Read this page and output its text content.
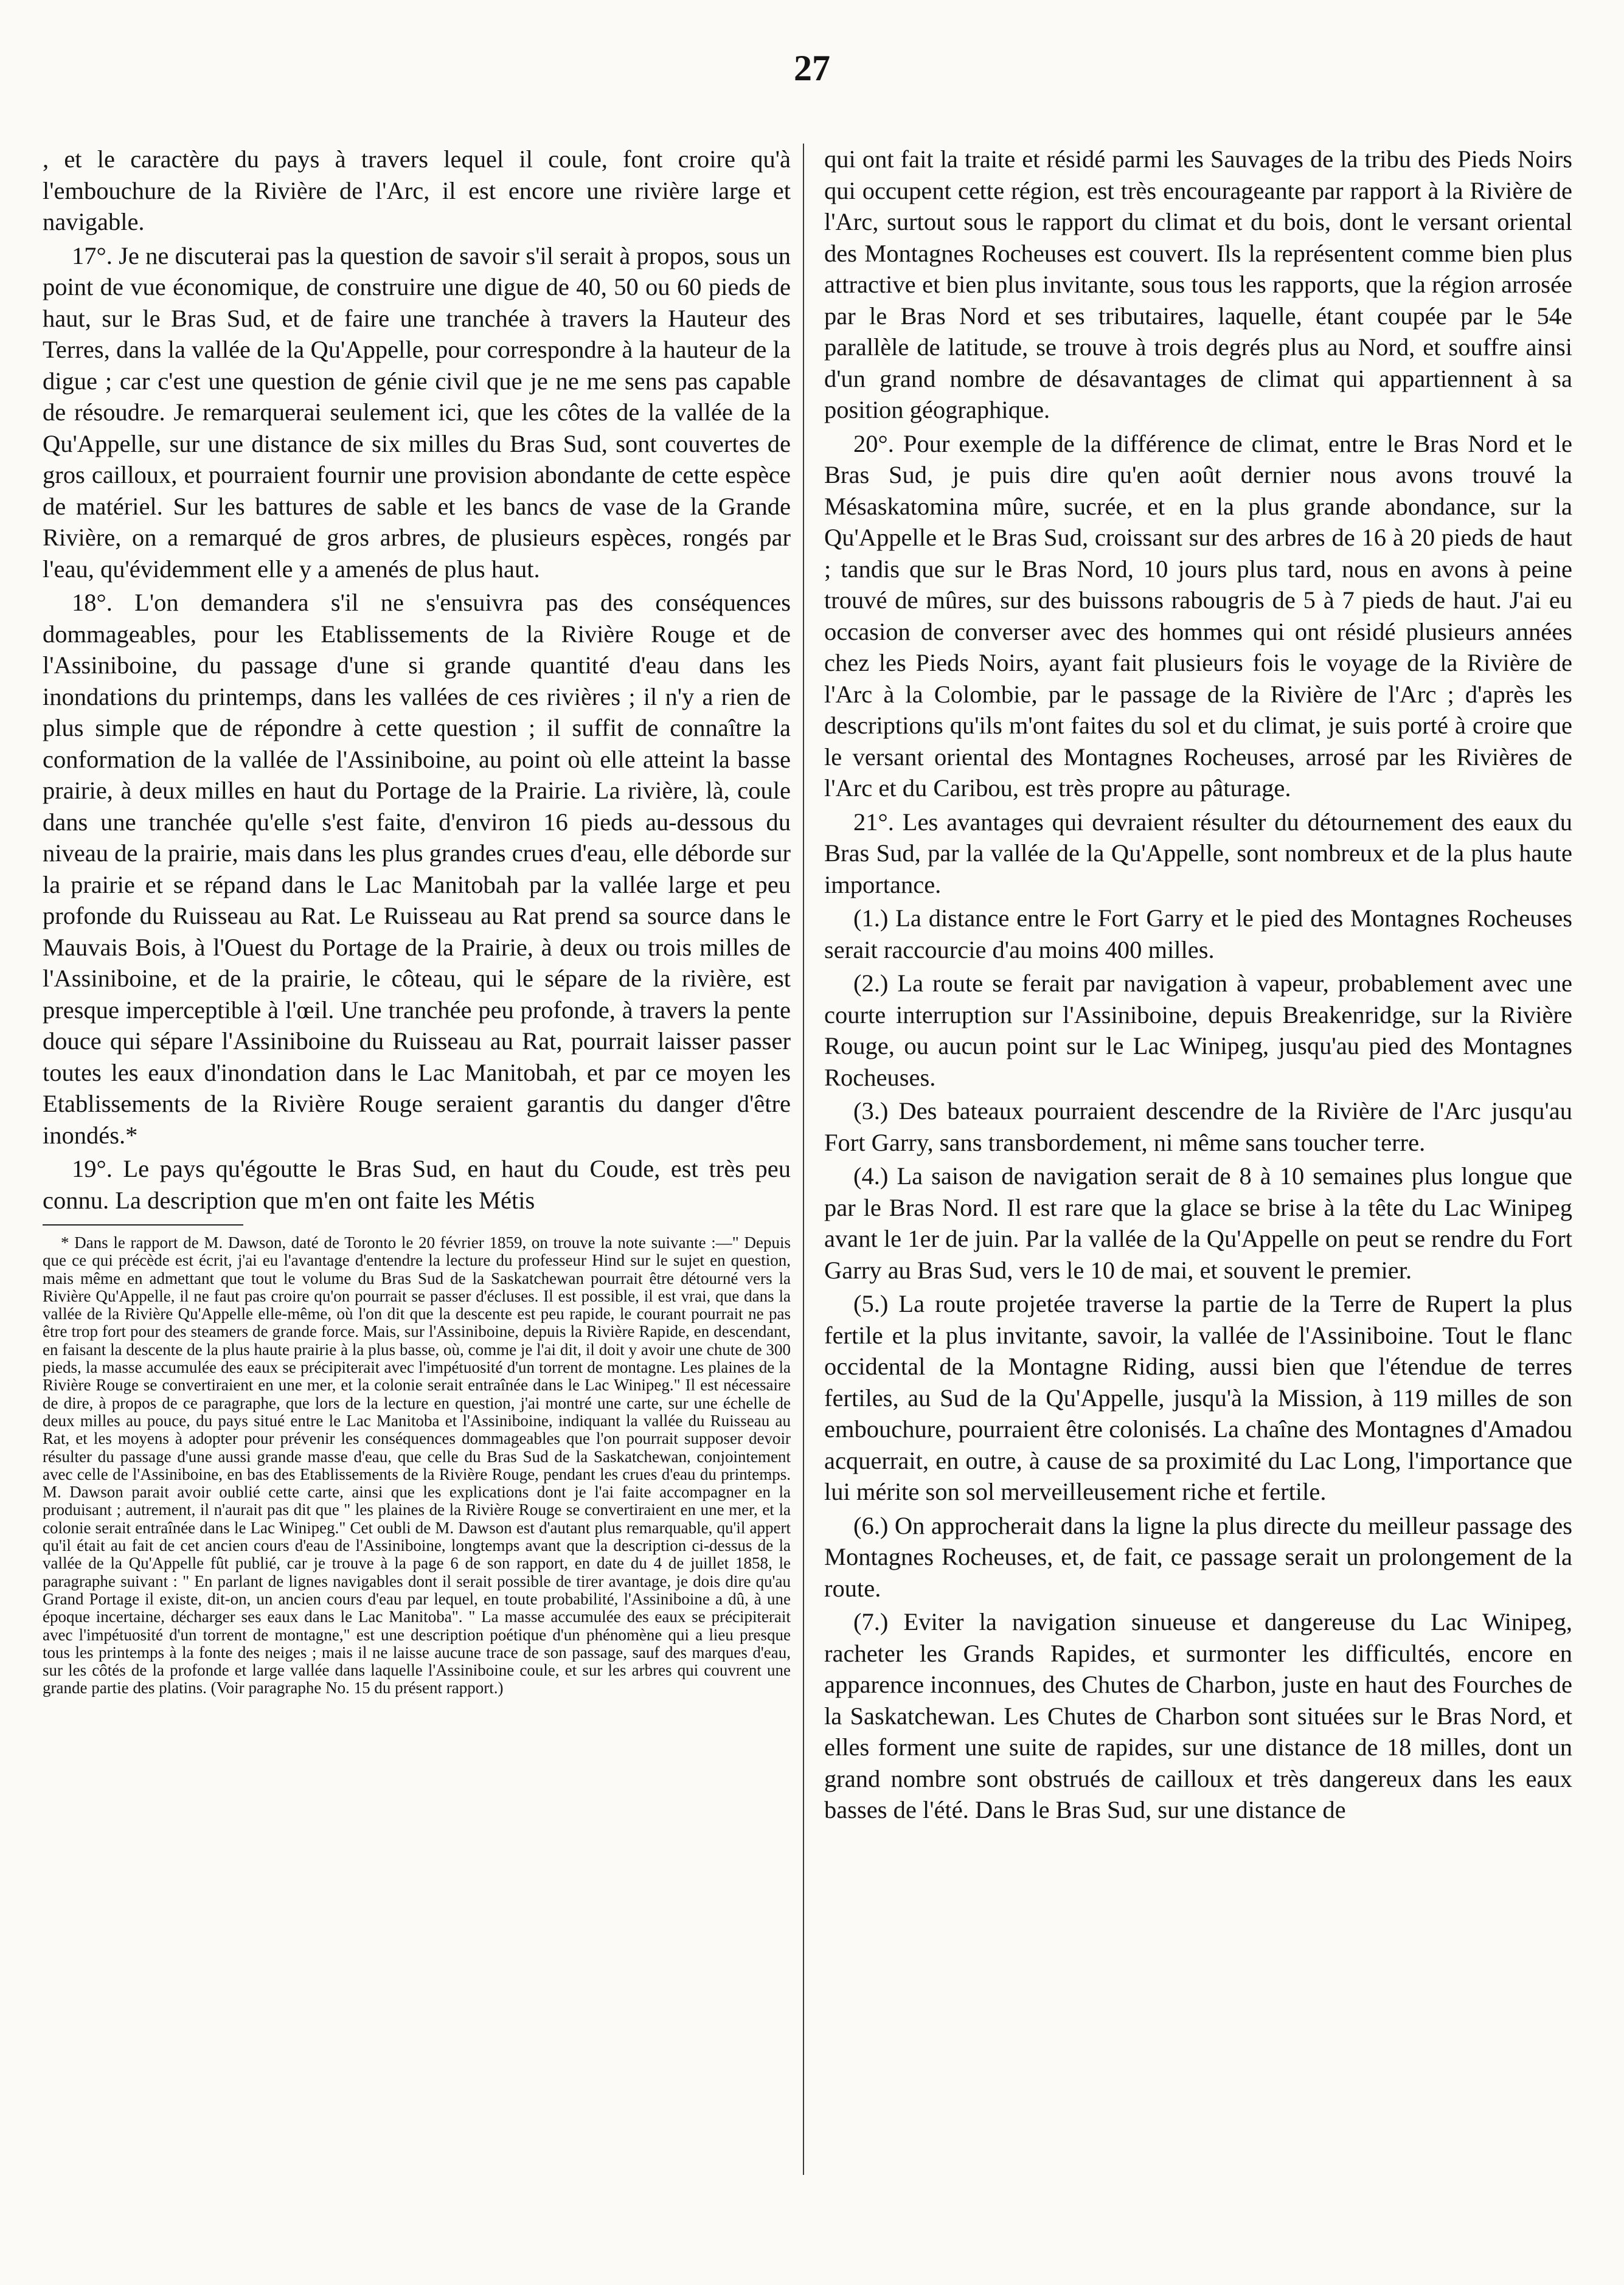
27

, et le caractère du pays à travers lequel il coule, font croire qu'à l'embouchure de la Rivière de l'Arc, il est encore une rivière large et navigable.

17°. Je ne discuterai pas la question de savoir s'il serait à propos, sous un point de vue économique, de construire une digue de 40, 50 ou 60 pieds de haut, sur le Bras Sud, et de faire une tranchée à travers la Hauteur des Terres, dans la vallée de la Qu'Appelle, pour correspondre à la hauteur de la digue ; car c'est une question de génie civil que je ne me sens pas capable de résoudre. Je remarquerai seulement ici, que les côtes de la vallée de la Qu'Appelle, sur une distance de six milles du Bras Sud, sont couvertes de gros cailloux, et pourraient fournir une provision abondante de cette espèce de matériel. Sur les battures de sable et les bancs de vase de la Grande Rivière, on a remarqué de gros arbres, de plusieurs espèces, rongés par l'eau, qu'évidemment elle y a amenés de plus haut.

18°. L'on demandera s'il ne s'ensuivra pas des conséquences dommageables, pour les Etablissements de la Rivière Rouge et de l'Assiniboine, du passage d'une si grande quantité d'eau dans les inondations du printemps, dans les vallées de ces rivières ; il n'y a rien de plus simple que de répondre à cette question ; il suffit de connaître la conformation de la vallée de l'Assiniboine, au point où elle atteint la basse prairie, à deux milles en haut du Portage de la Prairie. La rivière, là, coule dans une tranchée qu'elle s'est faite, d'environ 16 pieds au-dessous du niveau de la prairie, mais dans les plus grandes crues d'eau, elle déborde sur la prairie et se répand dans le Lac Manitobah par la vallée large et peu profonde du Ruisseau au Rat. Le Ruisseau au Rat prend sa source dans le Mauvais Bois, à l'Ouest du Portage de la Prairie, à deux ou trois milles de l'Assiniboine, et de la prairie, le côteau, qui le sépare de la rivière, est presque imperceptible à l'œil. Une tranchée peu profonde, à travers la pente douce qui sépare l'Assiniboine du Ruisseau au Rat, pourrait laisser passer toutes les eaux d'inondation dans le Lac Manitobah, et par ce moyen les Etablissements de la Rivière Rouge seraient garantis du danger d'être inondés.*

19°. Le pays qu'égoutte le Bras Sud, en haut du Coude, est très peu connu. La description que m'en ont faite les Métis

* Dans le rapport de M. Dawson, daté de Toronto le 20 février 1859, on trouve la note suivante :—" Depuis que ce qui précède est écrit, j'ai eu l'avantage d'entendre la lecture du professeur Hind sur le sujet en question, mais même en admettant que tout le volume du Bras Sud de la Saskatchewan pourrait être détourné vers la Rivière Qu'Appelle, il ne faut pas croire qu'on pourrait se passer d'écluses. Il est possible, il est vrai, que dans la vallée de la Rivière Qu'Appelle elle-même, où l'on dit que la descente est peu rapide, le courant pourrait ne pas être trop fort pour des steamers de grande force. Mais, sur l'Assiniboine, depuis la Rivière Rapide, en descendant, en faisant la descente de la plus haute prairie à la plus basse, où, comme je l'ai dit, il doit y avoir une chute de 300 pieds, la masse accumulée des eaux se précipiterait avec l'impétuosité d'un torrent de montagne. Les plaines de la Rivière Rouge se convertiraient en une mer, et la colonie serait entraînée dans le Lac Winipeg." Il est nécessaire de dire, à propos de ce paragraphe, que lors de la lecture en question, j'ai montré une carte, sur une échelle de deux milles au pouce, du pays situé entre le Lac Manitoba et l'Assiniboine, indiquant la vallée du Ruisseau au Rat, et les moyens à adopter pour prévenir les conséquences dommageables que l'on pourrait supposer devoir résulter du passage d'une aussi grande masse d'eau, que celle du Bras Sud de la Saskatchewan, conjointement avec celle de l'Assiniboine, en bas des Etablissements de la Rivière Rouge, pendant les crues d'eau du printemps. M. Dawson parait avoir oublié cette carte, ainsi que les explications dont je l'ai faite accompagner en la produisant ; autrement, il n'aurait pas dit que " les plaines de la Rivière Rouge se convertiraient en une mer, et la colonie serait entraînée dans le Lac Winipeg." Cet oubli de M. Dawson est d'autant plus remarquable, qu'il appert qu'il était au fait de cet ancien cours d'eau de l'Assiniboine, longtemps avant que la description ci-dessus de la vallée de la Qu'Appelle fût publié, car je trouve à la page 6 de son rapport, en date du 4 de juillet 1858, le paragraphe suivant : " En parlant de lignes navigables dont il serait possible de tirer avantage, je dois dire qu'au Grand Portage il existe, dit-on, un ancien cours d'eau par lequel, en toute probabilité, l'Assiniboine a dû, à une époque incertaine, décharger ses eaux dans le Lac Manitoba". " La masse accumulée des eaux se précipiterait avec l'impétuosité d'un torrent de montagne," est une description poétique d'un phénomène qui a lieu presque tous les printemps à la fonte des neiges ; mais il ne laisse aucune trace de son passage, sauf des marques d'eau, sur les côtés de la profonde et large vallée dans laquelle l'Assiniboine coule, et sur les arbres qui couvrent une grande partie des platins. (Voir paragraphe No. 15 du présent rapport.)

qui ont fait la traite et résidé parmi les Sauvages de la tribu des Pieds Noirs qui occupent cette région, est très encourageante par rapport à la Rivière de l'Arc, surtout sous le rapport du climat et du bois, dont le versant oriental des Montagnes Rocheuses est couvert. Ils la représentent comme bien plus attractive et bien plus invitante, sous tous les rapports, que la région arrosée par le Bras Nord et ses tributaires, laquelle, étant coupée par le 54e parallèle de latitude, se trouve à trois degrés plus au Nord, et souffre ainsi d'un grand nombre de désavantages de climat qui appartiennent à sa position géographique.

20°. Pour exemple de la différence de climat, entre le Bras Nord et le Bras Sud, je puis dire qu'en août dernier nous avons trouvé la Mésaskatomina mûre, sucrée, et en la plus grande abondance, sur la Qu'Appelle et le Bras Sud, croissant sur des arbres de 16 à 20 pieds de haut ; tandis que sur le Bras Nord, 10 jours plus tard, nous en avons à peine trouvé de mûres, sur des buissons rabougris de 5 à 7 pieds de haut. J'ai eu occasion de converser avec des hommes qui ont résidé plusieurs années chez les Pieds Noirs, ayant fait plusieurs fois le voyage de la Rivière de l'Arc à la Colombie, par le passage de la Rivière de l'Arc ; d'après les descriptions qu'ils m'ont faites du sol et du climat, je suis porté à croire que le versant oriental des Montagnes Rocheuses, arrosé par les Rivières de l'Arc et du Caribou, est très propre au pâturage.

21°. Les avantages qui devraient résulter du détournement des eaux du Bras Sud, par la vallée de la Qu'Appelle, sont nombreux et de la plus haute importance.

(1.) La distance entre le Fort Garry et le pied des Montagnes Rocheuses serait raccourcie d'au moins 400 milles.

(2.) La route se ferait par navigation à vapeur, probablement avec une courte interruption sur l'Assiniboine, depuis Breakenridge, sur la Rivière Rouge, ou aucun point sur le Lac Winipeg, jusqu'au pied des Montagnes Rocheuses.

(3.) Des bateaux pourraient descendre de la Rivière de l'Arc jusqu'au Fort Garry, sans transbordement, ni même sans toucher terre.

(4.) La saison de navigation serait de 8 à 10 semaines plus longue que par le Bras Nord. Il est rare que la glace se brise à la tête du Lac Winipeg avant le 1er de juin. Par la vallée de la Qu'Appelle on peut se rendre du Fort Garry au Bras Sud, vers le 10 de mai, et souvent le premier.

(5.) La route projetée traverse la partie de la Terre de Rupert la plus fertile et la plus invitante, savoir, la vallée de l'Assiniboine. Tout le flanc occidental de la Montagne Riding, aussi bien que l'étendue de terres fertiles, au Sud de la Qu'Appelle, jusqu'à la Mission, à 119 milles de son embouchure, pourraient être colonisés. La chaîne des Montagnes d'Amadou acquerrait, en outre, à cause de sa proximité du Lac Long, l'importance que lui mérite son sol merveilleusement riche et fertile.

(6.) On approcherait dans la ligne la plus directe du meilleur passage des Montagnes Rocheuses, et, de fait, ce passage serait un prolongement de la route.

(7.) Eviter la navigation sinueuse et dangereuse du Lac Winipeg, racheter les Grands Rapides, et surmonter les difficultés, encore en apparence inconnues, des Chutes de Charbon, juste en haut des Fourches de la Saskatchewan. Les Chutes de Charbon sont situées sur le Bras Nord, et elles forment une suite de rapides, sur une distance de 18 milles, dont un grand nombre sont obstrués de cailloux et très dangereux dans les eaux basses de l'été. Dans le Bras Sud, sur une distance de
